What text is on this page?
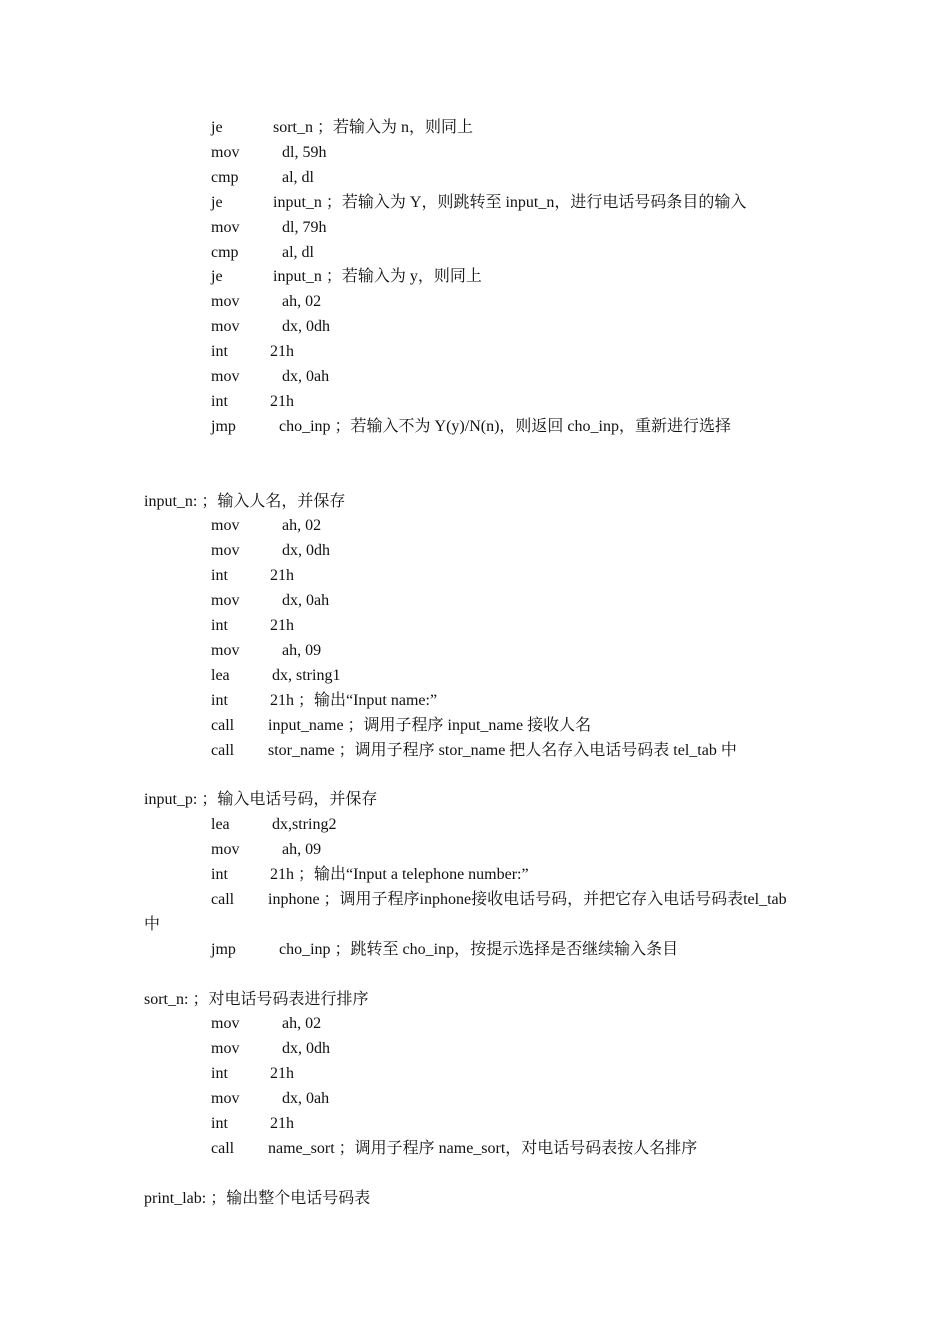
je	sort_n ；若输入为 n，则同上
mov	dl, 59h
cmp	al, dl
je	input_n ；若输入为 Y，则跳转至 input_n，进行电话号码条目的输入
mov	dl, 79h
cmp	al, dl
je	input_n ；若输入为 y，则同上
mov	ah, 02
mov	dx, 0dh
int	21h
mov	dx, 0ah
int	21h
jmp	cho_inp ；若输入不为 Y(y)/N(n)，则返回 cho_inp，重新进行选择
input_n: ；输入人名，并保存
mov	ah, 02
mov	dx, 0dh
int	21h
mov	dx, 0ah
int	21h
mov	ah, 09
lea	dx, string1
int	21h ；输出“Input name:”
call input_name ；调用子程序 input_name 接收人名
call stor_name ；调用子程序 stor_name 把人名存入电话号码表 tel_tab 中
input_p: ；输入电话号码，并保存
lea	dx,string2
mov	ah, 09
int	21h ；输出“Input a telephone number:”
call inphone ；调用子程序inphone接收电话号码，并把它存入电话号码表tel_tab
中
jmp	cho_inp ；跳转至 cho_inp，按提示选择是否继续输入条目
sort_n: ；对电话号码表进行排序
mov	ah, 02
mov	dx, 0dh
int	21h
mov	dx, 0ah
int	21h
call name_sort ；调用子程序 name_sort，对电话号码表按人名排序
print_lab: ；输出整个电话号码表
